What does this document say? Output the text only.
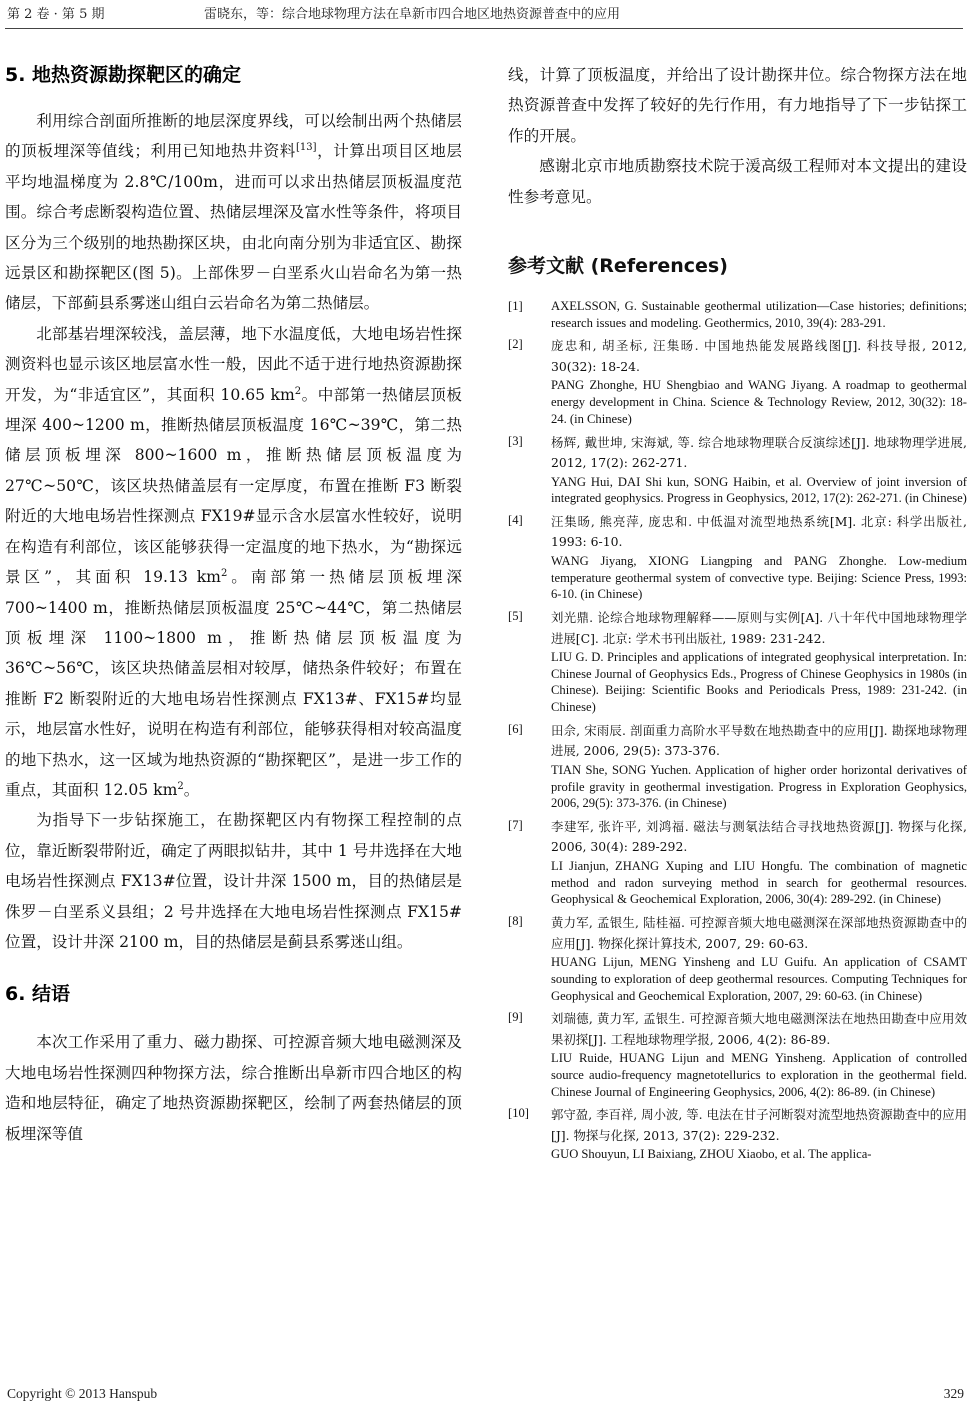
第 2 卷 · 第 5 期	雷晓东，等：综合地球物理方法在阜新市四合地区地热资源普查中的应用
5. 地热资源勘探靶区的确定

利用综合剖面所推断的地层深度界线，可以绘制出两个热储层的顶板埋深等值线；利用已知地热井资料[13]，计算出项目区地层平均地温梯度为 2.8℃/100m，进而可以求出热储层顶板温度范围。综合考虑断裂构造位置、热储层埋深及富水性等条件，将项目区分为三个级别的地热勘探区块，由北向南分别为非适宜区、勘探远景区和勘探靶区(图 5)。上部侏罗－白垩系火山岩命名为第一热储层，下部蓟县系雾迷山组白云岩命名为第二热储层。

北部基岩埋深较浅，盖层薄，地下水温度低，大地电场岩性探测资料也显示该区地层富水性一般，因此不适于进行地热资源勘探开发，为“非适宜区”，其面积 10.65 $km^2$。中部第一热储层顶板埋深 400~1200 m，推断热储层顶板温度 16℃~39℃，第二热储层顶板埋深 800~1600 m，推断热储层顶板温度为 27℃~50℃，该区块热储盖层有一定厚度，布置在推断 F3 断裂附近的大地电场岩性探测点 FX19#显示含水层富水性较好，说明在构造有利部位，该区能够获得一定温度的地下热水，为“勘探远景区”，其面积 19.13 $km^2$。南部第一热储层顶板埋深 700~1400 m，推断热储层顶板温度 25℃~44℃，第二热储层顶板埋深 1100~1800 m，推断热储层顶板温度为 36℃~56℃，该区块热储盖层相对较厚，储热条件较好；布置在推断 F2 断裂附近的大地电场岩性探测点 FX13#、FX15#均显示，地层富水性好，说明在构造有利部位，能够获得相对较高温度的地下热水，这一区域为地热资源的“勘探靶区”，是进一步工作的重点，其面积 12.05 $km^2$。

为指导下一步钻探施工，在勘探靶区内有物探工程控制的点位，靠近断裂带附近，确定了两眼拟钻井，其中 1 号井选择在大地电场岩性探测点 FX13#位置，设计井深 1500 m，目的热储层是侏罗－白垩系义县组；2 号井选择在大地电场岩性探测点 FX15#位置，设计井深 2100 m，目的热储层是蓟县系雾迷山组。

6. 结语

本次工作采用了重力、磁力勘探、可控源音频大地电磁测深及大地电场岩性探测四种物探方法，综合推断出阜新市四合地区的构造和地层特征，确定了地热资源勘探靶区，绘制了两套热储层的顶板埋深等值

线，计算了顶板温度，并给出了设计勘探井位。综合物探方法在地热资源普查中发挥了较好的先行作用，有力地指导了下一步钻探工作的开展。

感谢北京市地质勘察技术院于湲高级工程师对本文提出的建设性参考意见。

参考文献 (References)
[1] AXELSSON, G. Sustainable geothermal utilization—Case histories; definitions; research issues and modeling. Geothermics, 2010, 39(4): 283-291.
[2] 庞忠和, 胡圣标, 汪集旸. 中国地热能发展路线图[J]. 科技导报, 2012, 30(32): 18-24.
PANG Zhonghe, HU Shengbiao and WANG Jiyang. A roadmap to geothermal energy development in China. Science & Technology Review, 2012, 30(32): 18-24. (in Chinese)
[3] 杨辉, 戴世坤, 宋海斌, 等. 综合地球物理联合反演综述[J]. 地球物理学进展, 2012, 17(2): 262-271.
YANG Hui, DAI Shi kun, SONG Haibin, et al. Overview of joint inversion of integrated geophysics. Progress in Geophysics, 2012, 17(2): 262-271. (in Chinese)
[4] 汪集旸, 熊亮萍, 庞忠和. 中低温对流型地热系统[M]. 北京: 科学出版社, 1993: 6-10.
WANG Jiyang, XIONG Liangping and PANG Zhonghe. Low-medium temperature geothermal system of convective type. Beijing: Science Press, 1993: 6-10. (in Chinese)
[5] 刘光鼎. 论综合地球物理解释——原则与实例[A]. 八十年代中国地球物理学进展[C]. 北京: 学术书刊出版社, 1989: 231-242.
LIU G. D. Principles and applications of integrated geophysical interpretation. In: Chinese Journal of Geophysics Eds., Progress of Chinese Geophysics in 1980s (in Chinese). Beijing: Scientific Books and Periodicals Press, 1989: 231-242. (in Chinese)
[6] 田佘, 宋雨辰. 剖面重力高阶水平导数在地热勘查中的应用[J]. 勘探地球物理进展, 2006, 29(5): 373-376.
TIAN She, SONG Yuchen. Application of higher order horizontal derivatives of profile gravity in geothermal investigation. Progress in Exploration Geophysics, 2006, 29(5): 373-376. (in Chinese)
[7] 李建军, 张许平, 刘鸿福. 磁法与测氡法结合寻找地热资源[J]. 物探与化探, 2006, 30(4): 289-292.
LI Jianjun, ZHANG Xuping and LIU Hongfu. The combination of magnetic method and radon surveying method in search for geothermal resources. Geophysical & Geochemical Exploration, 2006, 30(4): 289-292. (in Chinese)
[8] 黄力军, 孟银生, 陆桂福. 可控源音频大地电磁测深在深部地热资源勘查中的应用[J]. 物探化探计算技术, 2007, 29: 60-63.
HUANG Lijun, MENG Yinsheng and LU Guifu. An application of CSAMT sounding to exploration of deep geothermal resources. Computing Techniques for Geophysical and Geochemical Exploration, 2007, 29: 60-63. (in Chinese)
[9] 刘瑞德, 黄力军, 孟银生. 可控源音频大地电磁测深法在地热田勘查中应用效果初探[J]. 工程地球物理学报, 2006, 4(2): 86-89.
LIU Ruide, HUANG Lijun and MENG Yinsheng. Application of controlled source audio-frequency magnetotellurics to exploration in the geothermal field. Chinese Journal of Engineering Geophysics, 2006, 4(2): 86-89. (in Chinese)
[10] 郭守盈, 李百祥, 周小波, 等. 电法在甘子河断裂对流型地热资源勘查中的应用[J]. 物探与化探, 2013, 37(2): 229-232.
GUO Shouyun, LI Baixiang, ZHOU Xiaobo, et al. The applica-
Copyright © 2013 Hanspub	329
